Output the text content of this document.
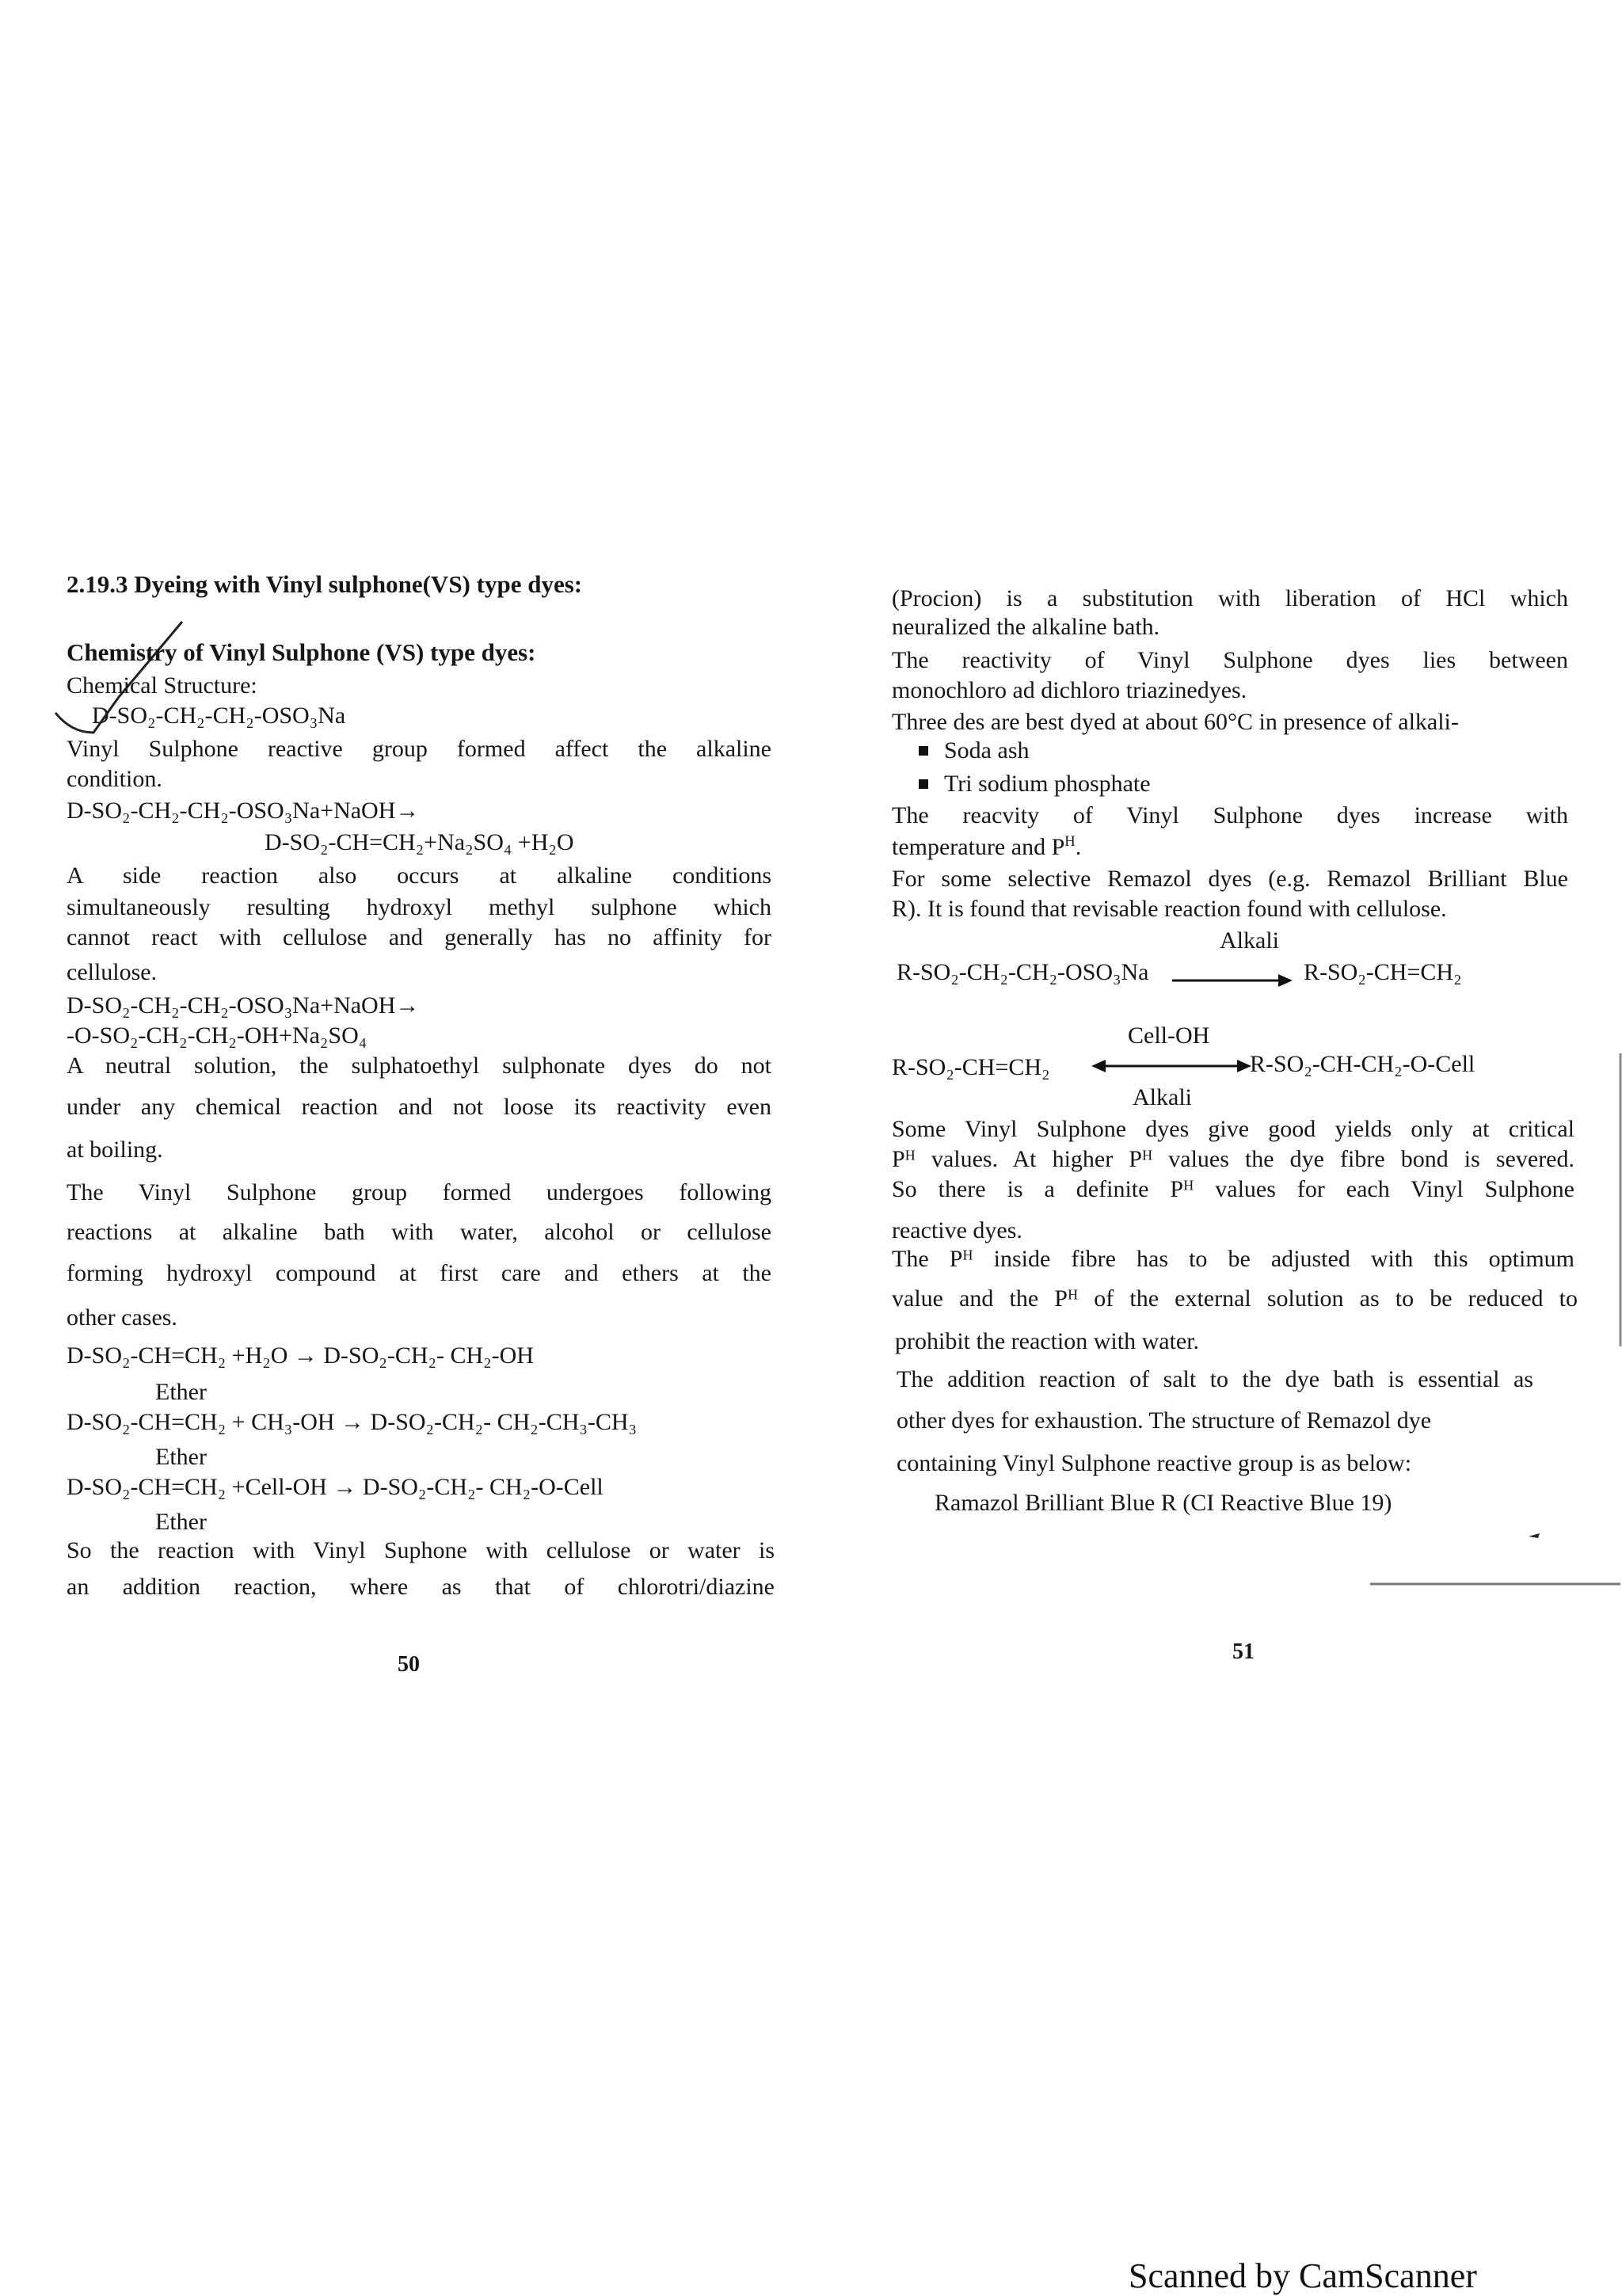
2.19.3 Dyeing with Vinyl sulphone(VS) type dyes:
Chemistry of Vinyl Sulphone (VS) type dyes:
Chemical Structure:
D-SO₂-CH₂-CH₂-OSO₃Na
Vinyl Sulphone reactive group formed affect the alkaline
condition.
D-SO₂-CH₂-CH₂-OSO₃Na+NaOH→
D-SO₂-CH=CH₂+Na₂SO₄ +H₂O
A side reaction also occurs at alkaline conditions
simultaneously resulting hydroxyl methyl sulphone which
cannot react with cellulose and generally has no affinity for
cellulose.
D-SO₂-CH₂-CH₂-OSO₃Na+NaOH→
-O-SO₂-CH₂-CH₂-OH+Na₂SO₄
A neutral solution, the sulphatoethyl sulphonate dyes do not
under any chemical reaction and not loose its reactivity even
at boiling.
The Vinyl Sulphone group formed undergoes following
reactions at alkaline bath with water, alcohol or cellulose
forming hydroxyl compound at first care and ethers at the
other cases.
D-SO₂-CH=CH₂ +H₂O → D-SO₂-CH₂- CH₂-OH
Ether
D-SO₂-CH=CH₂ + CH₃-OH → D-SO₂-CH₂- CH₂-CH₃-CH₃
Ether
D-SO₂-CH=CH₂ +Cell-OH → D-SO₂-CH₂- CH₂-O-Cell
Ether
So the reaction with Vinyl Suphone with cellulose or water is
an addition reaction, where as that of chlorotri/diazine
50
(Procion) is a substitution with liberation of HCl which
neuralized the alkaline bath.
The reactivity of Vinyl Sulphone dyes lies between
monochloro ad dichloro triazinedyes.
Three des are best dyed at about 60°C in presence of alkali-
Soda ash
Tri sodium phosphate
The reacvity of Vinyl Sulphone dyes increase with
temperature and $P^H$.
For some selective Remazol dyes (e.g. Remazol Brilliant Blue
R). It is found that revisable reaction found with cellulose.
Alkali
R-SO₂-CH₂-CH₂-OSO₃Na	R-SO₂-CH=CH₂
Cell-OH
R-SO₂-CH=CH₂	R-SO₂-CH-CH₂-O-Cell
Alkali
Some Vinyl Sulphone dyes give good yields only at critical
Pᴴ values. At higher Pᴴ values the dye fibre bond is severed.
So there is a definite Pᴴ values for each Vinyl Sulphone
reactive dyes.
The Pᴴ inside fibre has to be adjusted with this optimum
value and the Pᴴ of the external solution as to be reduced to
prohibit the reaction with water.
The addition reaction of salt to the dye bath is essential as
other dyes for exhaustion. The structure of Remazol dye
containing Vinyl Sulphone reactive group is as below:
Ramazol Brilliant Blue R (CI Reactive Blue 19)
51
Scanned by CamScanner
